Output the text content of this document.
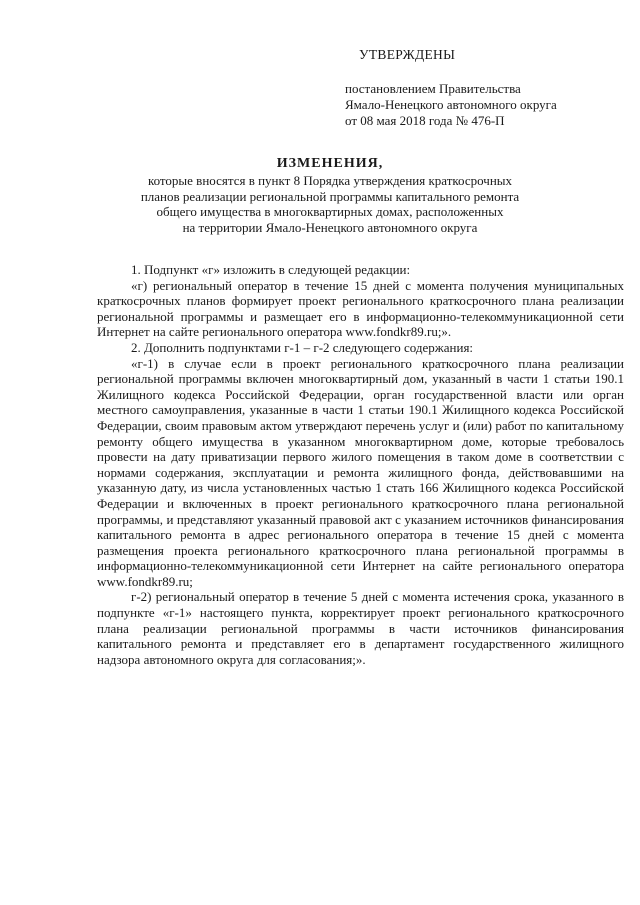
УТВЕРЖДЕНЫ
постановлением Правительства
Ямало-Ненецкого автономного округа
от 08 мая 2018 года № 476-П
ИЗМЕНЕНИЯ,
которые вносятся в пункт 8 Порядка утверждения краткосрочных
планов реализации региональной программы капитального ремонта
общего имущества в многоквартирных домах, расположенных
на территории Ямало-Ненецкого автономного округа

1. Подпункт «г» изложить в следующей редакции:

«г) региональный оператор в течение 15 дней с момента получения муниципальных краткосрочных планов формирует проект регионального краткосрочного плана реализации региональной программы и размещает его в информационно-телекоммуникационной сети Интернет на сайте регионального оператора www.fondkr89.ru;».

2. Дополнить подпунктами г-1 – г-2 следующего содержания:

«г-1) в случае если в проект регионального краткосрочного плана реализации региональной программы включен многоквартирный дом, указанный в части 1 статьи 190.1 Жилищного кодекса Российской Федерации, орган государственной власти или орган местного самоуправления, указанные в части 1 статьи 190.1 Жилищного кодекса Российской Федерации, своим правовым актом утверждают перечень услуг и (или) работ по капитальному ремонту общего имущества в указанном многоквартирном доме, которые требовалось провести на дату приватизации первого жилого помещения в таком доме в соответствии с нормами содержания, эксплуатации и ремонта жилищного фонда, действовавшими на указанную дату, из числа установленных частью 1 стать 166 Жилищного кодекса Российской Федерации и включенных в проект регионального краткосрочного плана региональной программы, и представляют указанный правовой акт с указанием источников финансирования капитального ремонта в адрес регионального оператора в течение 15 дней с момента размещения проекта регионального краткосрочного плана региональной программы в информационно-телекоммуникационной сети Интернет на сайте регионального оператора www.fondkr89.ru;

г-2) региональный оператор в течение 5 дней с момента истечения срока, указанного в подпункте «г-1» настоящего пункта, корректирует проект регионального краткосрочного плана реализации региональной программы в части источников финансирования капитального ремонта и представляет его в департамент государственного жилищного надзора автономного округа для согласования;».
